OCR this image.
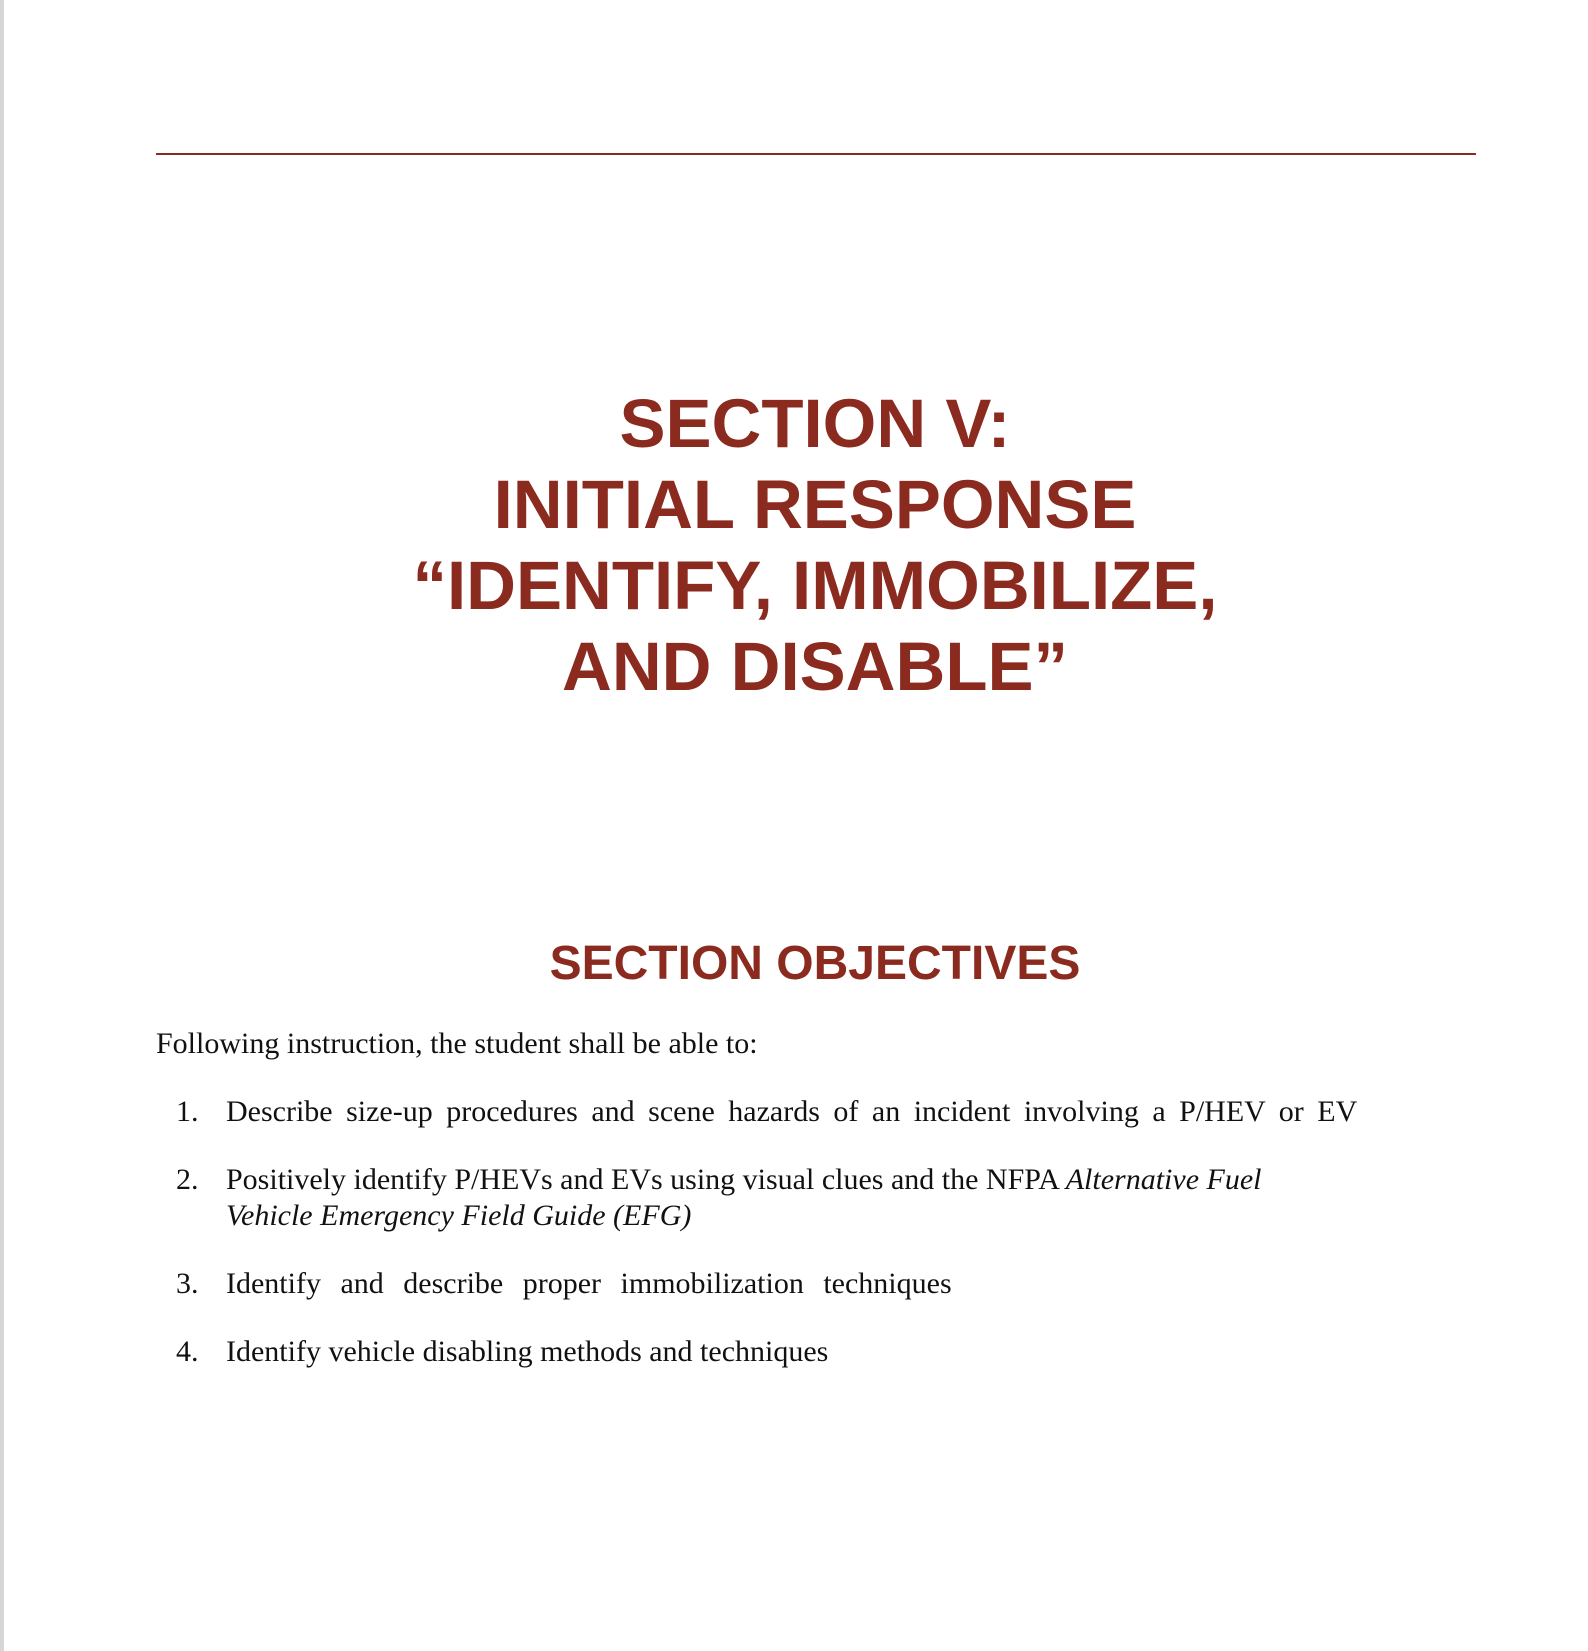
SECTION V:
INITIAL RESPONSE
“IDENTIFY, IMMOBILIZE,
AND DISABLE”
SECTION OBJECTIVES

Following instruction, the student shall be able to:

1. Describe size-up procedures and scene hazards of an incident involving a P/HEV or EV
2. Positively identify P/HEVs and EVs using visual clues and the NFPA Alternative Fuel
Vehicle Emergency Field Guide (EFG)
3. Identify and describe proper immobilization techniques
4. Identify vehicle disabling methods and techniques
